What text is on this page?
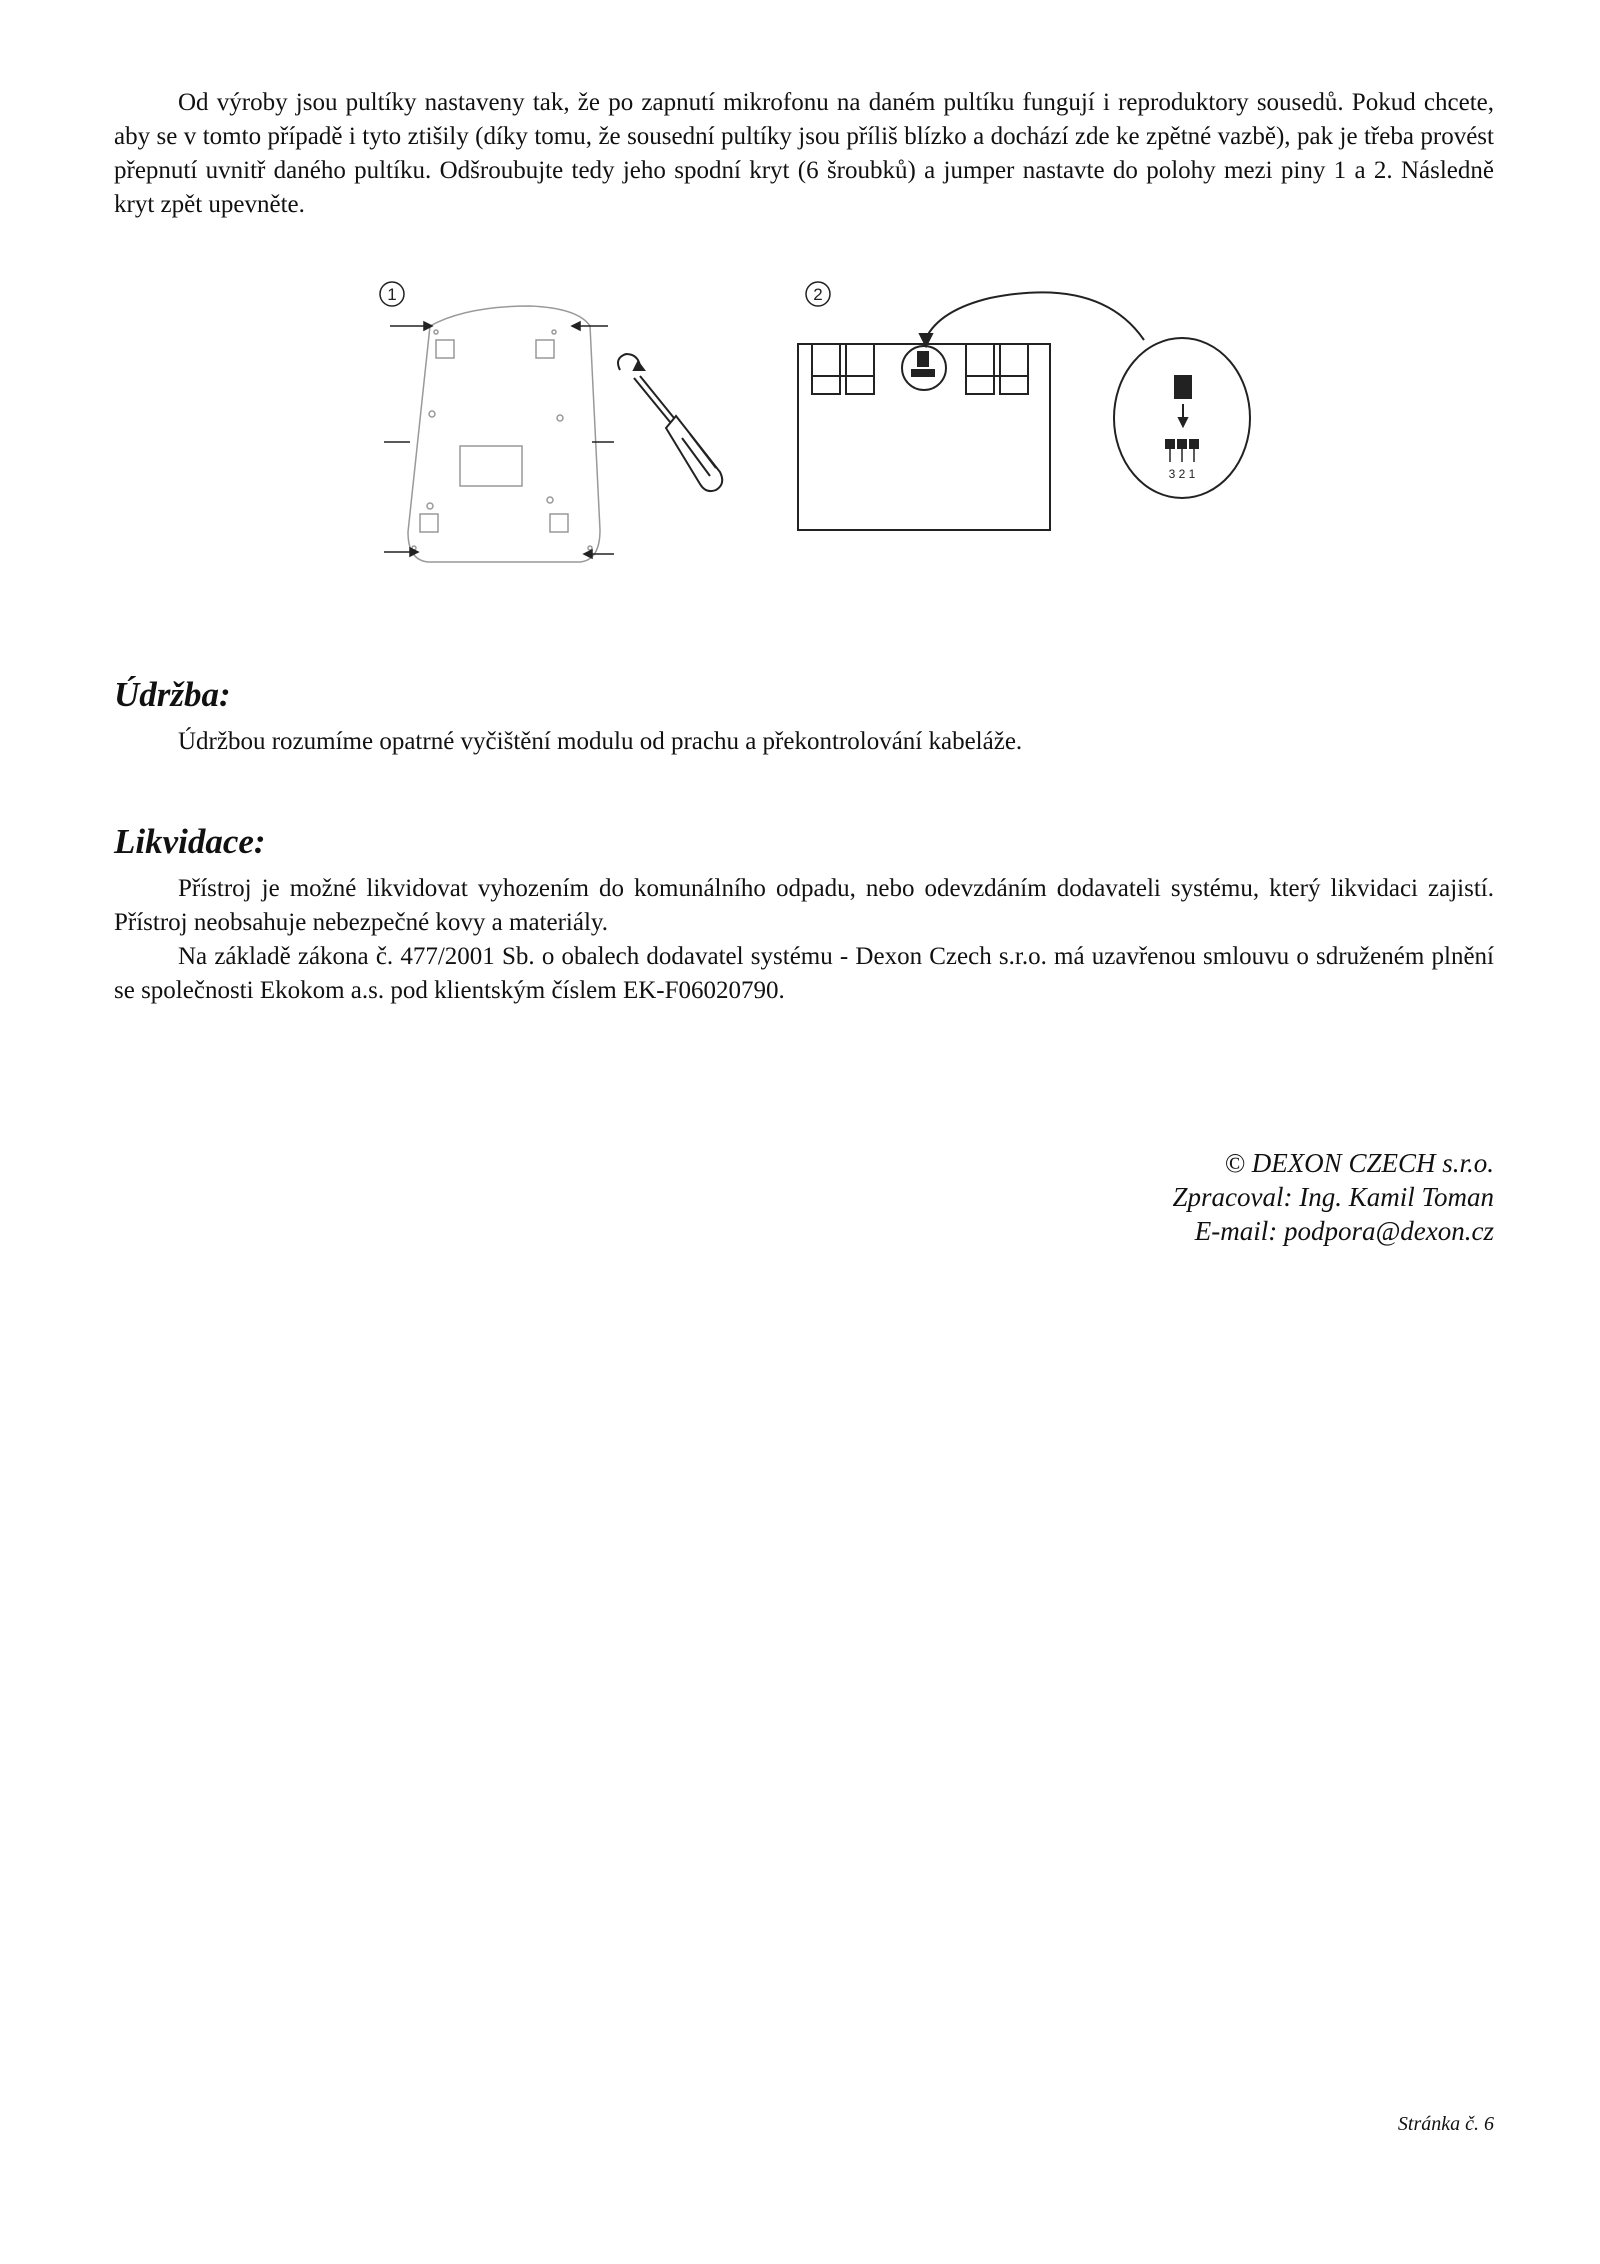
Od výroby jsou pultíky nastaveny tak, že po zapnutí mikrofonu na daném pultíku fungují i reproduktory sousedů. Pokud chcete, aby se v tomto případě i tyto ztišily (díky tomu, že sousední pultíky jsou příliš blízko a dochází zde ke zpětné vazbě), pak je třeba provést přepnutí uvnitř daného pultíku. Odšroubujte tedy jeho spodní kryt (6 šroubků) a jumper nastavte do polohy mezi piny 1 a 2. Následně kryt zpět upevněte.

1	2
3 2 1
Údržba:

Údržbou rozumíme opatrné vyčištění modulu od prachu a překontrolování kabeláže.

Likvidace:

Přístroj je možné likvidovat vyhozením do komunálního odpadu, nebo odevzdáním dodavateli systému, který likvidaci zajistí. Přístroj neobsahuje nebezpečné kovy a materiály.

Na základě zákona č. 477/2001 Sb. o obalech dodavatel systému - Dexon Czech s.r.o. má uzavřenou smlouvu o sdruženém plnění se společnosti Ekokom a.s. pod klientským číslem EK-F06020790.

© DEXON CZECH s.r.o.
Zpracoval: Ing. Kamil Toman
E-mail: podpora@dexon.cz
Stránka č. 6
